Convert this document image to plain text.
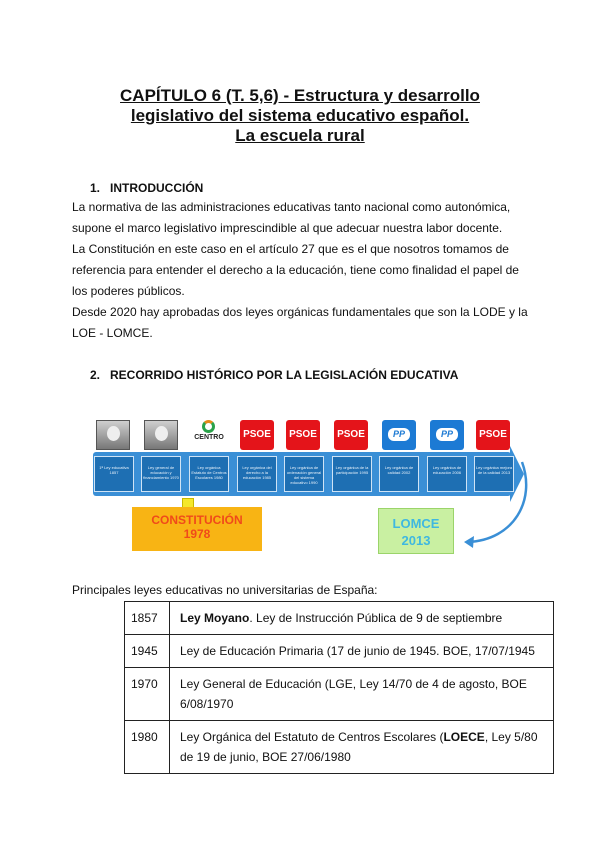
CAPÍTULO 6 (T. 5,6) - Estructura y desarrollo
legislativo del sistema educativo español.
La escuela rural
1. INTRODUCCIÓN

La normativa de las administraciones educativas tanto nacional como autonómica, supone el marco legislativo imprescindible al que adecuar nuestra labor docente.

La Constitución en este caso en el artículo 27 que es el que nosotros tomamos de referencia para entender el derecho a la educación, tiene como finalidad el papel de los poderes públicos.

Desde 2020 hay aprobadas dos leyes orgánicas fundamentales que son la LODE y la LOE - LOMCE.

2. RECORRIDO HISTÓRICO POR LA LEGISLACIÓN EDUCATIVA
CENTRO	PSOE	PSOE	PSOE PP PP	PSOE
1ª Ley educativa 1857
Ley general de educación y financiamiento 1970
Ley orgánica Estatuto de Centros Escolares 1980
Ley orgánica del derecho a la educación 1985
Ley orgánica de ordenación general del sistema educativo 1990
Ley orgánica de la participación 1995
Ley orgánica de calidad 2002
Ley orgánica de educación 2006
Ley orgánica mejora de la calidad 2013
CONSTITUCIÓN
1978
LOMCE
2013
Principales leyes educativas no universitarias de España:
1857	Ley Moyano. Ley de Instrucción Pública de 9 de septiembre
1945	Ley de Educación Primaria (17 de junio de 1945. BOE, 17/07/1945
1970	Ley General de Educación (LGE, Ley 14/70 de 4 de agosto, BOE 6/08/1970
1980	Ley Orgánica del Estatuto de Centros Escolares (LOECE, Ley 5/80 de 19 de junio, BOE 27/06/1980
